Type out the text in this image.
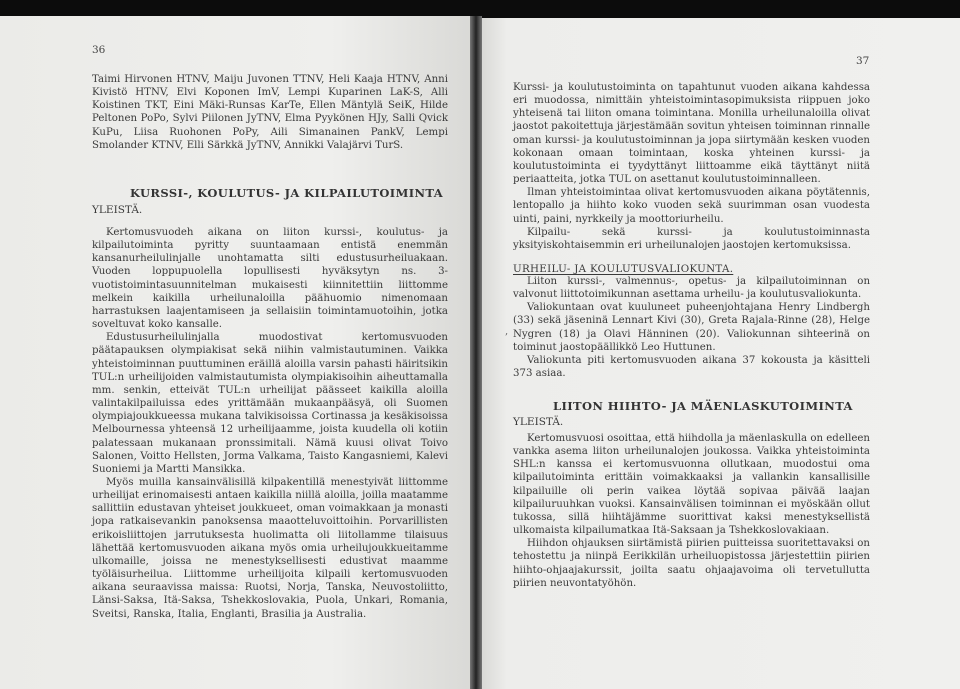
36

Taimi Hirvonen HTNV, Maiju Juvonen TTNV, Heli Kaaja HTNV, Anni Kivistö HTNV, Elvi Koponen ImV, Lempi Kuparinen LaK-S, Alli Koistinen TKT, Eini Mäki-Runsas KarTe, Ellen Mäntylä SeiK, Hilde Peltonen PoPo, Sylvi Piilonen JyTNV, Elma Pyykönen HJy, Salli Qvick KuPu, Liisa Ruohonen PoPy, Aili Simanainen PankV, Lempi Smolander KTNV, Elli Särkkä JyTNV, Annikki Valajärvi TurS.

KURSSI-, KOULUTUS- JA KILPAILUTOIMINTA
YLEISTÄ.

Kertomusvuodeh aikana on liiton kurssi-, koulutus- ja kilpailutoiminta pyritty suuntaamaan entistä enemmän kansanurheilulinjalle unohtamatta silti edustusurheiluakaan. Vuoden loppupuolella lopullisesti hyväksytyn ns. 3-vuotistoimintasuunnitelman mukaisesti kiinnitettiin liittomme melkein kaikilla urheilunaloilla päähuomio nimenomaan harrastuksen laajentamiseen ja sellaisiin toimintamuotoihin, jotka soveltuvat koko kansalle.

Edustusurheilulinjalla muodostivat kertomusvuoden päätapauksen olympiakisat sekä niihin valmistautuminen. Vaikka yhteistoiminnan puuttuminen eräillä aloilla varsin pahasti häiritsikin TUL:n urheilijoiden valmistautumista olympiakisoihin aiheuttamalla mm. senkin, etteivät TUL:n urheilijat päässeet kaikilla aloilla valintakilpailuissa edes yrittämään mukaanpääsyä, oli Suomen olympiajoukkueessa mukana talvikisoissa Cortinassa ja kesäkisoissa Melbournessa yhteensä 12 urheilijaamme, joista kuudella oli kotiin palatessaan mukanaan pronssimitali. Nämä kuusi olivat Toivo Salonen, Voitto Hellsten, Jorma Valkama, Taisto Kangasniemi, Kalevi Suoniemi ja Martti Mansikka.

Myös muilla kansainvälisillä kilpakentillä menestyivät liittomme urheilijat erinomaisesti antaen kaikilla niillä aloilla, joilla maatamme sallittiin edustavan yhteiset joukkueet, oman voimakkaan ja monasti jopa ratkaisevankin panoksensa maaotteluvoittoihin. Porvarillisten erikoisliittojen jarrutuksesta huolimatta oli liitollamme tilaisuus lähettää kertomusvuoden aikana myös omia urheilujoukkueitamme ulkomaille, joissa ne menestyksellisesti edustivat maamme työläisurheilua. Liittomme urheilijoita kilpaili kertomusvuoden aikana seuraavissa maissa: Ruotsi, Norja, Tanska, Neuvostoliitto, Länsi-Saksa, Itä-Saksa, Tshekkoslovakia, Puola, Unkari, Romania, Sveitsi, Ranska, Italia, Englanti, Brasilia ja Australia.

37

Kurssi- ja koulutustoiminta on tapahtunut vuoden aikana kahdessa eri muodossa, nimittäin yhteistoimintasopimuksista riippuen joko yhteisenä tai liiton omana toimintana. Monilla urheilunaloilla olivat jaostot pakoitettuja järjestämään sovitun yhteisen toiminnan rinnalle oman kurssi- ja koulutustoiminnan ja jopa siirtymään kesken vuoden kokonaan omaan toimintaan, koska yhteinen kurssi- ja koulutustoiminta ei tyydyttänyt liittoamme eikä täyttänyt niitä periaatteita, jotka TUL on asettanut koulutustoiminnalleen.

Ilman yhteistoimintaa olivat kertomusvuoden aikana pöytätennis, lentopallo ja hiihto koko vuoden sekä suurimman osan vuodesta uinti, paini, nyrkkeily ja moottoriurheilu.

Kilpailu- sekä kurssi- ja koulutustoiminnasta yksityiskohtaisemmin eri urheilunalojen jaostojen kertomuksissa.

URHEILU- JA KOULUTUSVALIOKUNTA.

Liiton kurssi-, valmennus-, opetus- ja kilpailutoiminnan on valvonut liittotoimikunnan asettama urheilu- ja koulutusvaliokunta.

Valiokuntaan ovat kuuluneet puheenjohtajana Henry Lindbergh (33) sekä jäseninä Lennart Kivi (30), Greta Rajala-Rinne (28), Helge Nygren (18) ja Olavi Hänninen (20). Valiokunnan sihteerinä on toiminut jaostopäällikkö Leo Huttunen.

Valiokunta piti kertomusvuoden aikana 37 kokousta ja käsitteli 373 asiaa.

,
LIITON HIIHTO- JA MÄENLASKUTOIMINTA
YLEISTÄ.

Kertomusvuosi osoittaa, että hiihdolla ja mäenlaskulla on edelleen vankka asema liiton urheilunalojen joukossa. Vaikka yhteistoiminta SHL:n kanssa ei kertomusvuonna ollutkaan, muodostui oma kilpailutoiminta erittäin voimakkaaksi ja vallankin kansallisille kilpailuille oli perin vaikea löytää sopivaa päivää laajan kilpailuruuhkan vuoksi. Kansainvälisen toiminnan ei myöskään ollut tukossa, sillä hiihtäjämme suorittivat kaksi menestyksellistä ulkomaista kilpailumatkaa Itä-Saksaan ja Tshekkoslovakiaan.

Hiihdon ohjauksen siirtämistä piirien puitteissa suoritettavaksi on tehostettu ja niinpä Eerikkilän urheiluopistossa järjestettiin piirien hiihto-ohjaajakurssit, joilta saatu ohjaajavoima oli tervetullutta piirien neuvontatyöhön.
